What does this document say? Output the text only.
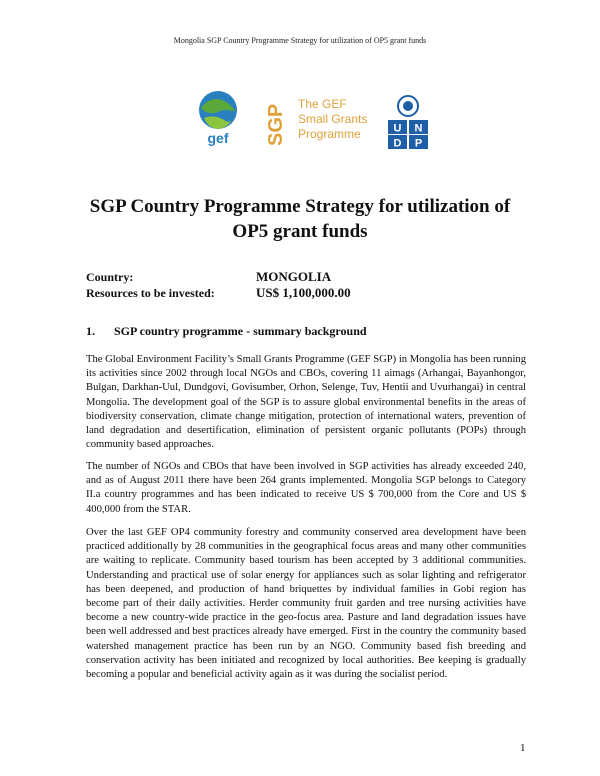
Mongolia SGP Country Programme Strategy for utilization of OP5 grant funds
gef SGP The GEF
Small Grants
Programme	U N
D P
SGP Country Programme Strategy for utilization of OP5 grant funds
Country:	MONGOLIA
Resources to be invested:	US$ 1,100,000.00
1. SGP country programme - summary background

The Global Environment Facility’s Small Grants Programme (GEF SGP) in Mongolia has been running its activities since 2002 through local NGOs and CBOs, covering 11 aimags (Arhangai, Bayanhongor, Bulgan, Darkhan-Uul, Dundgovi, Govisumber, Orhon, Selenge, Tuv, Hentii and Uvurhangai) in central Mongolia. The development goal of the SGP is to assure global environmental benefits in the areas of biodiversity conservation, climate change mitigation, protection of international waters, prevention of land degradation and desertification, elimination of persistent organic pollutants (POPs) through community based approaches.

The number of NGOs and CBOs that have been involved in SGP activities has already exceeded 240, and as of August 2011 there have been 264 grants implemented. Mongolia SGP belongs to Category II.a country programmes and has been indicated to receive US $ 700,000 from the Core and US $ 400,000 from the STAR.

Over the last GEF OP4 community forestry and community conserved area development have been practiced additionally by 28 communities in the geographical focus areas and many other communities are waiting to replicate. Community based tourism has been accepted by 3 additional communities. Understanding and practical use of solar energy for appliances such as solar lighting and refrigerator has been deepened, and production of hand briquettes by individual families in Gobi region has become part of their daily activities. Herder community fruit garden and tree nursing activities have become a new country-wide practice in the geo-focus area. Pasture and land degradation issues have been well addressed and best practices already have emerged. First in the country the community based watershed management practice has been run by an NGO. Community based fish breeding and conservation activity has been initiated and recognized by local authorities. Bee keeping is gradually becoming a popular and beneficial activity again as it was during the socialist period.

1
